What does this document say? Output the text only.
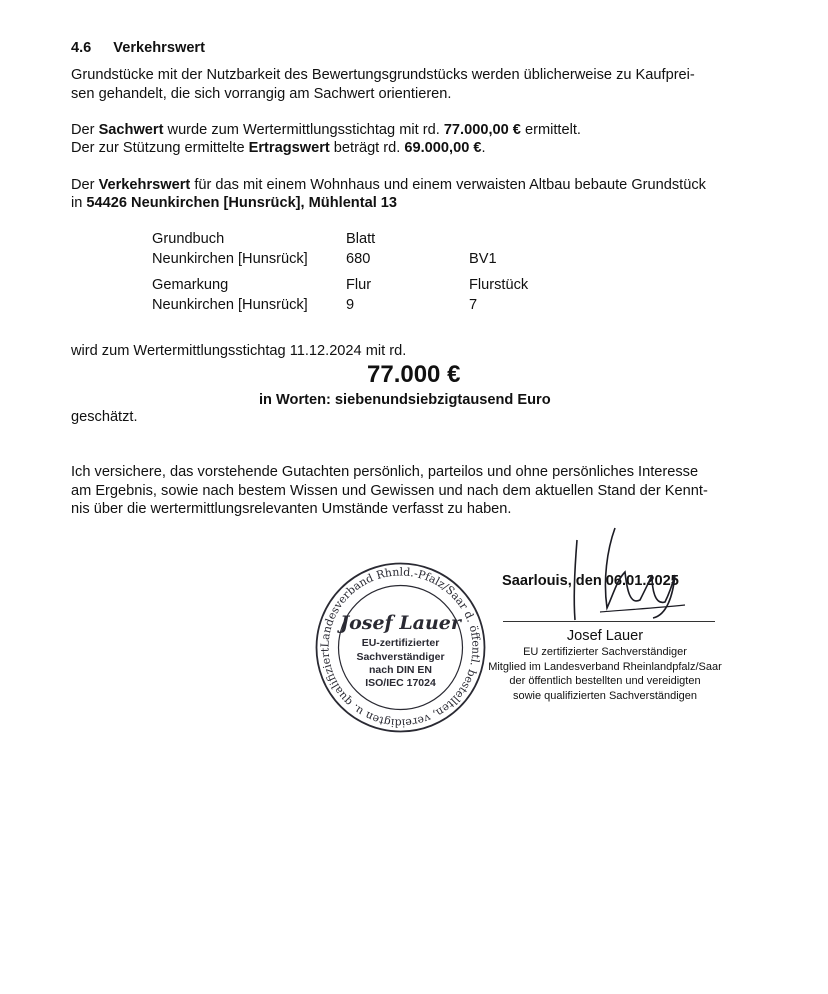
4.6 Verkehrswert
Grundstücke mit der Nutzbarkeit des Bewertungsgrundstücks werden üblicherweise zu Kaufprei-
sen gehandelt, die sich vorrangig am Sachwert orientieren.
Der Sachwert wurde zum Wertermittlungsstichtag mit rd. 77.000,00 € ermittelt.
Der zur Stützung ermittelte Ertragswert beträgt rd. 69.000,00 €.
Der Verkehrswert für das mit einem Wohnhaus und einem verwaisten Altbau bebaute Grundstück
in 54426 Neunkirchen [Hunsrück], Mühlental 13
Grundbuch	Blatt
Neunkirchen [Hunsrück]	680	BV1
Gemarkung	Flur	Flurstück
Neunkirchen [Hunsrück]	9	7
wird zum Wertermittlungsstichtag 11.12.2024 mit rd.
77.000 €
in Worten: siebenundsiebzigtausend Euro
geschätzt.
Ich versichere, das vorstehende Gutachten persönlich, parteilos und ohne persönliches Interesse
am Ergebnis, sowie nach bestem Wissen und Gewissen und nach dem aktuellen Stand der Kennt-
nis über die wertermittlungsrelevanten Umstände verfasst zu haben.
Landesverband Rhnld.-Pfalz/Saar d. öffentl. bestellten, vereidigten u. qualifizierten Sachverständigen
Josef Lauer
EU-zertifizierter
Sachverständiger
nach DIN EN
ISO/IEC 17024
Saarlouis, den 06.01.2025
Josef Lauer
EU zertifizierter Sachverständiger
Mitglied im Landesverband Rheinlandpfalz/Saar
der öffentlich bestellten und vereidigten
sowie qualifizierten Sachverständigen
